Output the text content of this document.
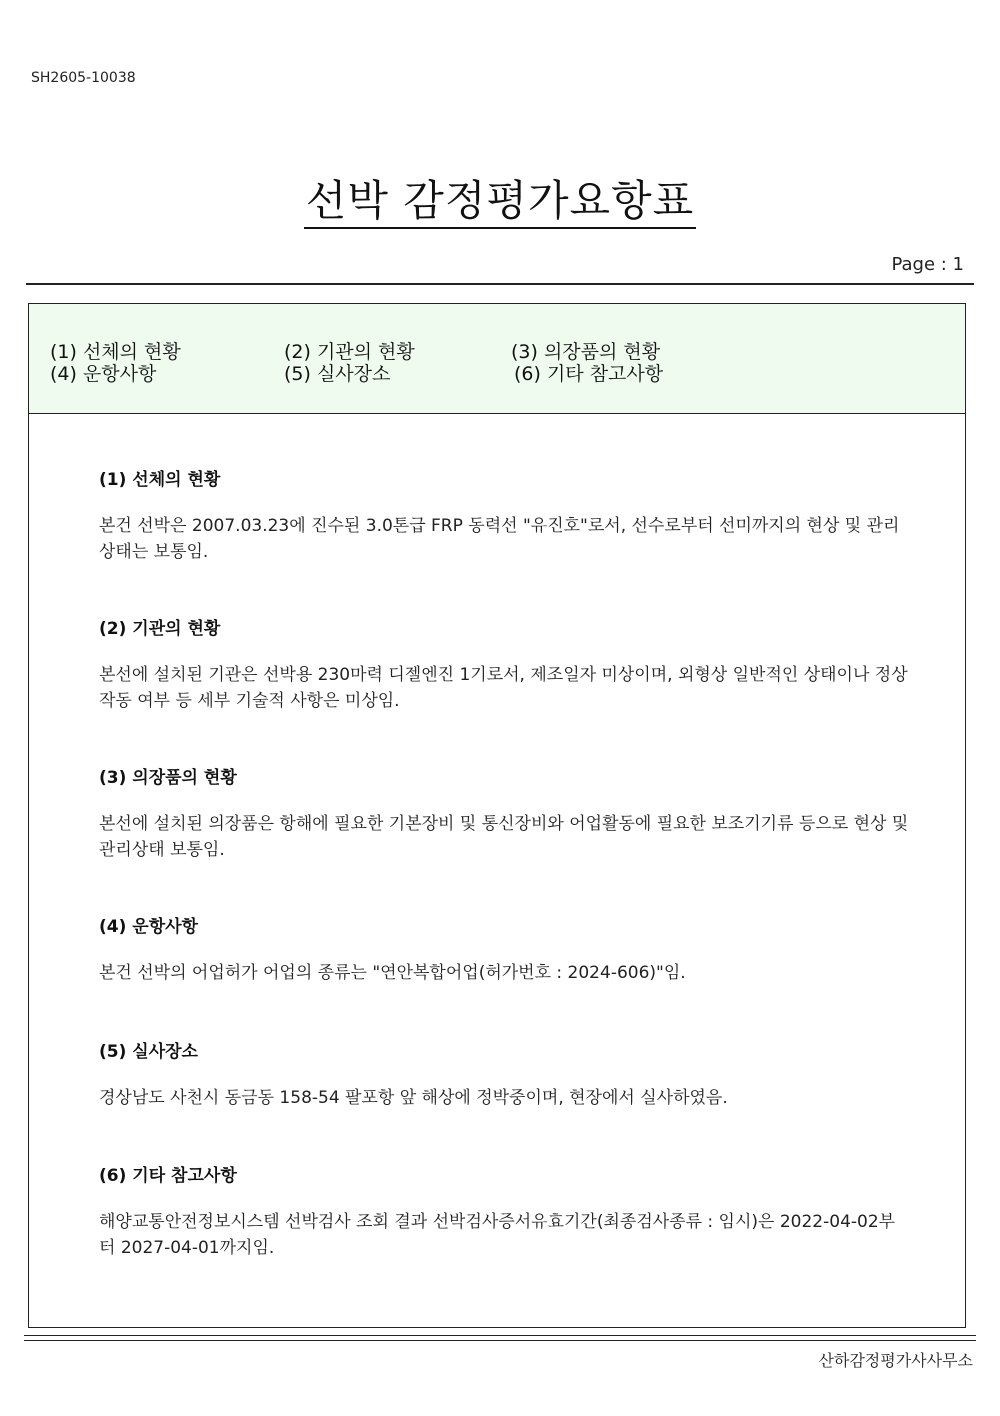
SH2605-10038
선박 감정평가요항표
Page : 1
(1) 선체의 현황	(2) 기관의 현황	(3) 의장품의 현황
(4) 운항사항	(5) 실사장소	(6) 기타 참고사항
(1) 선체의 현황
본건 선박은 2007.03.23에 진수된 3.0톤급 FRP 동력선 "유진호"로서, 선수로부터 선미까지의 현상 및 관리상태는 보통임.
(2) 기관의 현황
본선에 설치된 기관은 선박용 230마력 디젤엔진 1기로서, 제조일자 미상이며, 외형상 일반적인 상태이나 정상작동 여부 등 세부 기술적 사항은 미상임.
(3) 의장품의 현황
본선에 설치된 의장품은 항해에 필요한 기본장비 및 통신장비와 어업활동에 필요한 보조기기류 등으로 현상 및 관리상태 보통임.
(4) 운항사항
본건 선박의 어업허가 어업의 종류는 "연안복합어업(허가번호 : 2024-606)"임.
(5) 실사장소
경상남도 사천시 동금동 158-54 팔포항 앞 해상에 정박중이며, 현장에서 실사하였음.
(6) 기타 참고사항
해양교통안전정보시스템 선박검사 조회 결과 선박검사증서유효기간(최종검사종류 : 임시)은 2022-04-02부터 2027-04-01까지임.
산하감정평가사사무소
